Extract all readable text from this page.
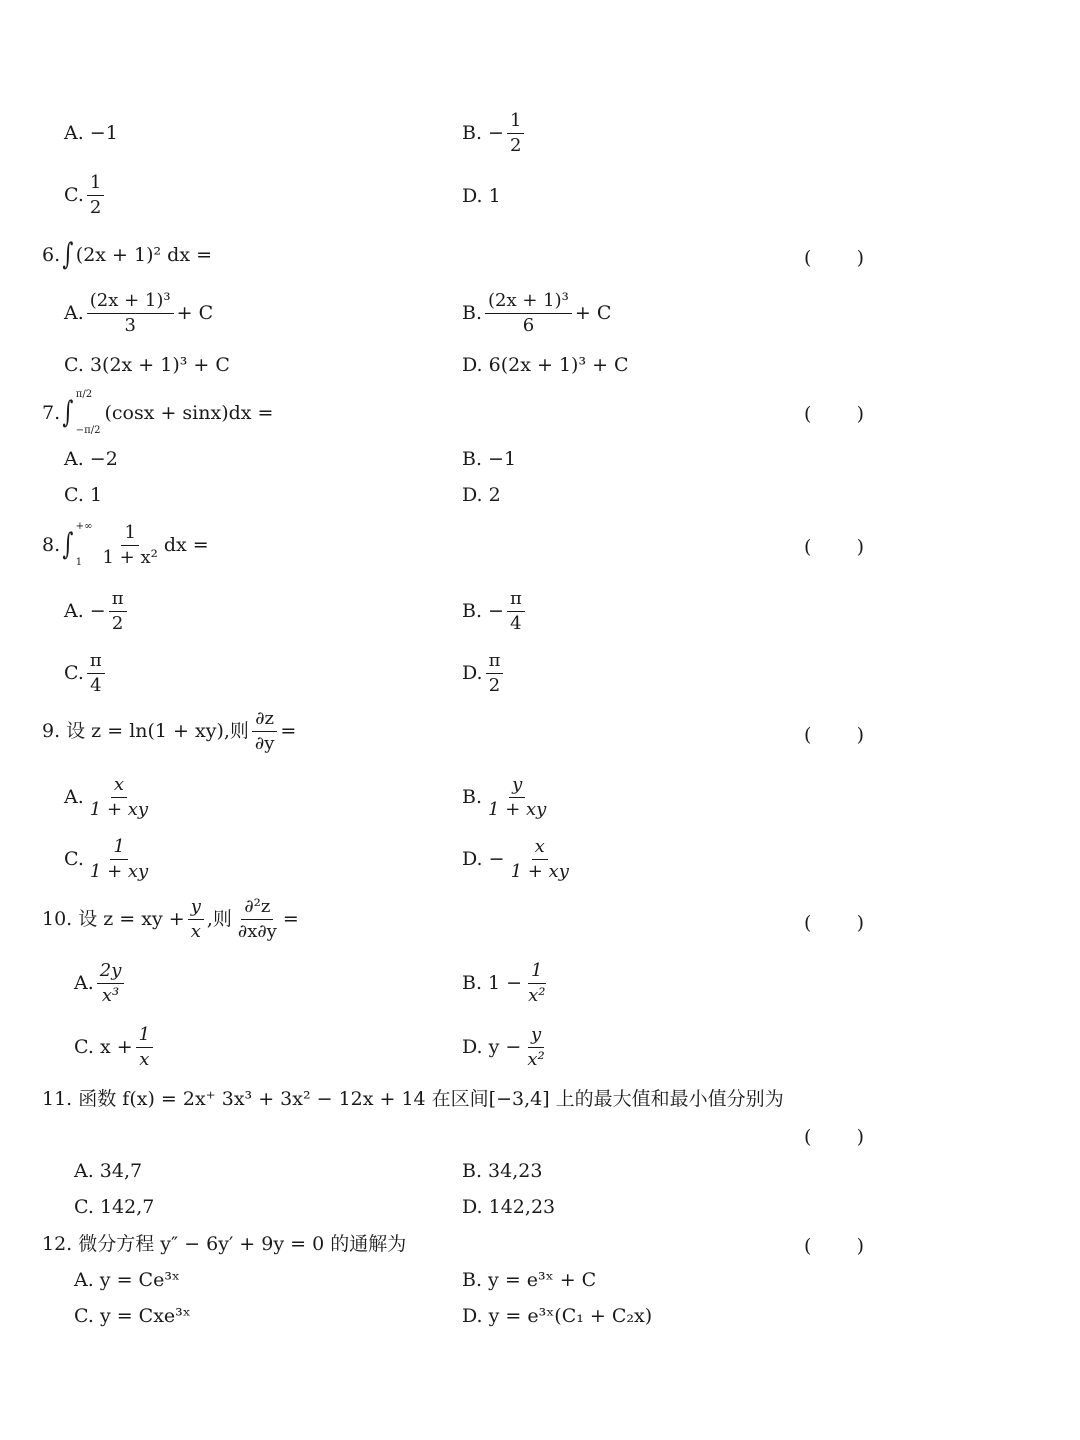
A. −1	B. − $\frac{1}{2}$
C. $\frac{1}{2}$	D. 1
6. ∫ (2x + 1)² dx =	( )
A. $\frac{\text{(2x + 1)³}}{3} + C$	B. $\frac{\text{(2x + 1)³}}{6} + C$
C. 3(2x + 1)³ + C	D. 6(2x + 1)³ + C
7. ∫
π/2
−π/2
(cosx + sinx)dx =	( )
A. −2	B. −1
C. 1	D. 2
8. ∫
+∞
$1 \frac{1}{\text{1 + x²}}$ dx =	( )
A. − $\frac{\pi}{2}$	B. − $\frac{\pi}{4}$
C. $\frac{\pi}{4}$	D. $\frac{\pi}{2}$
9. 设 z = ln(1 + xy),则 $\frac{\partial z}{\partial y}$ =	( )
A. $\frac{x}{1 + xy}$	B. $\frac{y}{1 + xy}$
C. $\frac{1}{1 + xy}$	D. − $\frac{x}{1 + xy}$
10. 设 z = xy + $\frac{y}{x}$ ,则 $\frac{\text{∂²z}}{\partial x\partial y}$ =	( )
A. $\frac{2y}{\text{x³}}$	B. $1 - \frac{1}{\text{x²}}$
C. $x + \frac{1}{x}$	D. $y - \frac{y}{\text{x²}}$
11. 函数 f(x) = 2x⁺ 3x³ + 3x² − 12x + 14 在区间[−3,4] 上的最大值和最小值分别为
( )
A. 34,7	B. 34,23
C. 142,7	D. 142,23
12. 微分方程 y″ − 6y′ + 9y = 0 的通解为	( )
A. y = Ce³ˣ	B. y = e³ˣ + C
C. y = Cxe³ˣ	D. y = e³ˣ(C₁ + C₂x)
